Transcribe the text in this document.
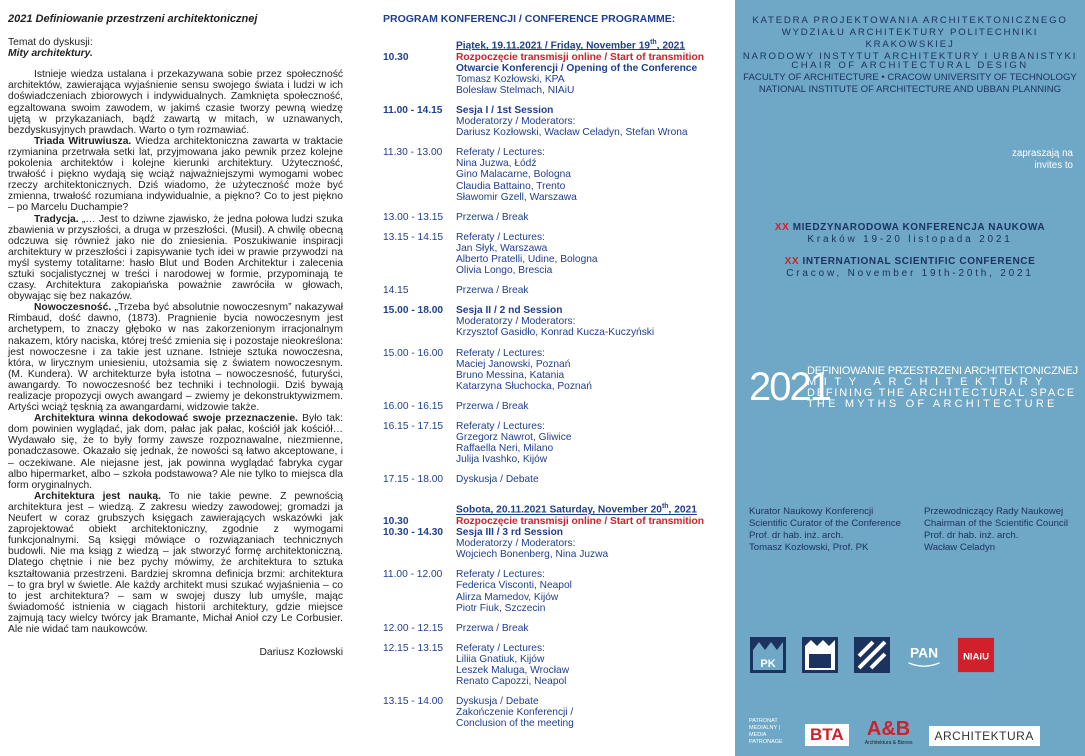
2021 Definiowanie przestrzeni architektonicznej
Temat do dyskusji:
Mity architektury.

Istnieje wiedza ustalana i przekazywana sobie przez społeczność architektów, zawierająca wyjaśnienie sensu swojego świata i ludzi w ich doświadczeniach zbiorowych i indywidualnych. Zamknięta społeczność, egzaltowana swoim zawodem, w jakimś czasie tworzy pewną wiedzę ujętą w przykazaniach, bądź zawartą w mitach, w uznawanych, bezdyskusyjnych prawdach. Warto o tym rozmawiać.

Triada Witruwiusza. Wiedza architektoniczna zawarta w traktacie rzymianina przetrwała setki lat, przyjmowana jako pewnik przez kolejne pokolenia architektów i kolejne kierunki architektury. Użyteczność, trwałość i piękno wydają się wciąż najważniejszymi wymogami wobec rzeczy architektonicznych. Dziś wiadomo, że użyteczność może być zmienna, trwałość rozumiana indywidualnie, a piękno? Co to jest piękno – po Marcelu Duchampie?

Tradycja. „… Jest to dziwne zjawisko, że jedna połowa ludzi szuka zbawienia w przyszłości, a druga w przeszłości. (Musil). A chwilę obecną odczuwa się również jako nie do zniesienia. Poszukiwanie inspiracji architektury w przeszłości i zapisywanie tych idei w prawie przywodzi na myśl systemy totalitarne: hasło Blut und Boden Architektur i zalecenia sztuki socjalistycznej w treści i narodowej w formie, przypominają te czasy. Architektura zakopiańska poważnie zawróciła w głowach, obywając się bez nakazów.

Nowoczesność. „Trzeba być absolutnie nowoczesnym” nakazywał Rimbaud, dość dawno, (1873). Pragnienie bycia nowoczesnym jest archetypem, to znaczy głęboko w nas zakorzenionym irracjonalnym nakazem, który naciska, której treść zmienia się i pozostaje nieokreślona: jest nowoczesne i za takie jest uznane. Istnieje sztuka nowoczesna, która, w lirycznym uniesieniu, utożsamia się z światem nowoczesnym. (M. Kundera). W architekturze była istotna – nowoczesność, futuryści, awangardy. To nowoczesność bez techniki i technologii. Dziś bywają realizacje propozycji owych awangard – zwiemy je dekonstruktywizmem. Artyści wciąż tęsknią za awangardami, widzowie także.

Architektura winna dekodować swoje przeznaczenie. Było tak: dom powinien wyglądać, jak dom, pałac jak pałac, kościół jak kościół… Wydawało się, że to były formy zawsze rozpoznawalne, niezmienne, ponadczasowe. Okazało się jednak, że nowości są łatwo akceptowane, i – oczekiwane. Ale niejasne jest, jak powinna wyglądać fabryka cygar albo hipermarket, albo – szkoła podstawowa? Ale nie tylko to miejsca dla form oryginalnych.

Architektura jest nauką. To nie takie pewne. Z pewnością architektura jest – wiedzą. Z zakresu wiedzy zawodowej; gromadzi ja Neufert w coraz grubszych księgach zawierających wskazówki jak zaprojektować obiekt architektoniczny, zgodnie z wymogami funkcjonalnymi. Są księgi mówiące o rozwiązaniach technicznych budowli. Nie ma ksiąg z wiedzą – jak stworzyć formę architektoniczną. Dlatego chętnie i nie bez pychy mówimy, że architektura to sztuka kształtowania przestrzeni. Bardziej skromna definicja brzmi: architektura – to gra bryl w świetle. Ale każdy architekt musi szukać wyjaśnienia – co to jest architektura? – sam w swojej duszy lub umyśle, mając świadomość istnienia w ciągach historii architektury, gdzie miejsce zajmują tacy wielcy twórcy jak Bramante, Michał Anioł czy Le Corbusier. Ale nie widać tam naukowców.

Dariusz Kozłowski

PROGRAM KONFERENCJI / CONFERENCE PROGRAMME:
Piątek, 19.11.2021 / Friday, November 19th, 2021
10.30	Rozpoczęcie transmisji online / Start of transmition
Otwarcie Konferencji / Opening of the Conference
Tomasz Kozłowski, KPA
Bolesław Stelmach, NIAiU
11.00 - 14.15	Sesja I / 1st Session
Moderatorzy / Moderators:
Dariusz Kozłowski, Wacław Celadyn, Stefan Wrona
11.30 - 13.00	Referaty / Lectures:
Nina Juzwa, Łódź
Gino Malacarne, Bologna
Claudia Battaino, Trento
Sławomir Gzell, Warszawa
13.00 - 13.15	Przerwa / Break
13.15 - 14.15	Referaty / Lectures:
Jan Słyk, Warszawa
Alberto Pratelli, Udine, Bologna
Olivia Longo, Brescia
14.15	Przerwa / Break
15.00 - 18.00	Sesja II / 2 nd Session
Moderatorzy / Moderators:
Krzysztof Gasidło, Konrad Kucza-Kuczyński
15.00 - 16.00	Referaty / Lectures:
Maciej Janowski, Poznań
Bruno Messina, Katania
Katarzyna Słuchocka, Poznań
16.00 - 16.15	Przerwa / Break
16.15 - 17.15	Referaty / Lectures:
Grzegorz Nawrot, Gliwice
Raffaella Neri, Milano
Julija Ivashko, Kijów
17.15 - 18.00	Dyskusja / Debate
Sobota, 20.11.2021 Saturday, November 20th, 2021
10.30	Rozpoczęcie transmisji online / Start of transmition
10.30 - 14.30	Sesja III / 3 rd Session
Moderatorzy / Moderators:
Wojciech Bonenberg, Nina Juzwa
11.00 - 12.00	Referaty / Lectures:
Federica Visconti, Neapol
Alirza Mamedov, Kijów
Piotr Fiuk, Szczecin
12.00 - 12.15	Przerwa / Break
12.15 - 13.15	Referaty / Lectures:
Liliia Gnatiuk, Kijów
Leszek Maluga, Wrocław
Renato Capozzi, Neapol
13.15 - 14.00	Dyskusja / Debate
Zakończenie Konferencji /
Conclusion of the meeting
KATEDRA PROJEKTOWANIA ARCHITEKTONICZNEGO
WYDZIAŁU ARCHITEKTURY POLITECHNIKI KRAKOWSKIEJ
NARODOWY INSTYTUT ARCHITEKTURY I URBANISTYKI
CHAIR OF ARCHITECTURAL DESIGN
FACULTY OF ARCHITECTURE • CRACOW UNIVERSITY OF TECHNOLOGY
NATIONAL INSTITUTE OF ARCHITECTURE AND UBBAN PLANNING
zapraszają na
invites to
XX MIEDZYNARODOWA KONFERENCJA NAUKOWA
Kraków 19-20 listopada 2021
XX INTERNATIONAL SCIENTIFIC CONFERENCE
Cracow, November 19th-20th, 2021
2021
DEFINIOWANIE PRZESTRZENI ARCHITEKTONICZNEJ
MITY ARCHITEKTURY
DEFINING THE ARCHITECTURAL SPACE
THE MYTHS OF ARCHITECTURE
Kurator Naukowy Konferencji
Scientific Curator of the Conference
Prof. dr hab. inż. arch.
Tomasz Kozłowski, Prof. PK
Przewodniczący Rady Naukowej
Chairman of the Scientific Council
Prof. dr hab. inż. arch.
Wacław Celadyn
PK
PAN	NIAiU
PATRONAT MEDIALNY | MEDIA PATRONAGE	BTA A&B
Architektura & Biznes	ARCHITEKTURA
